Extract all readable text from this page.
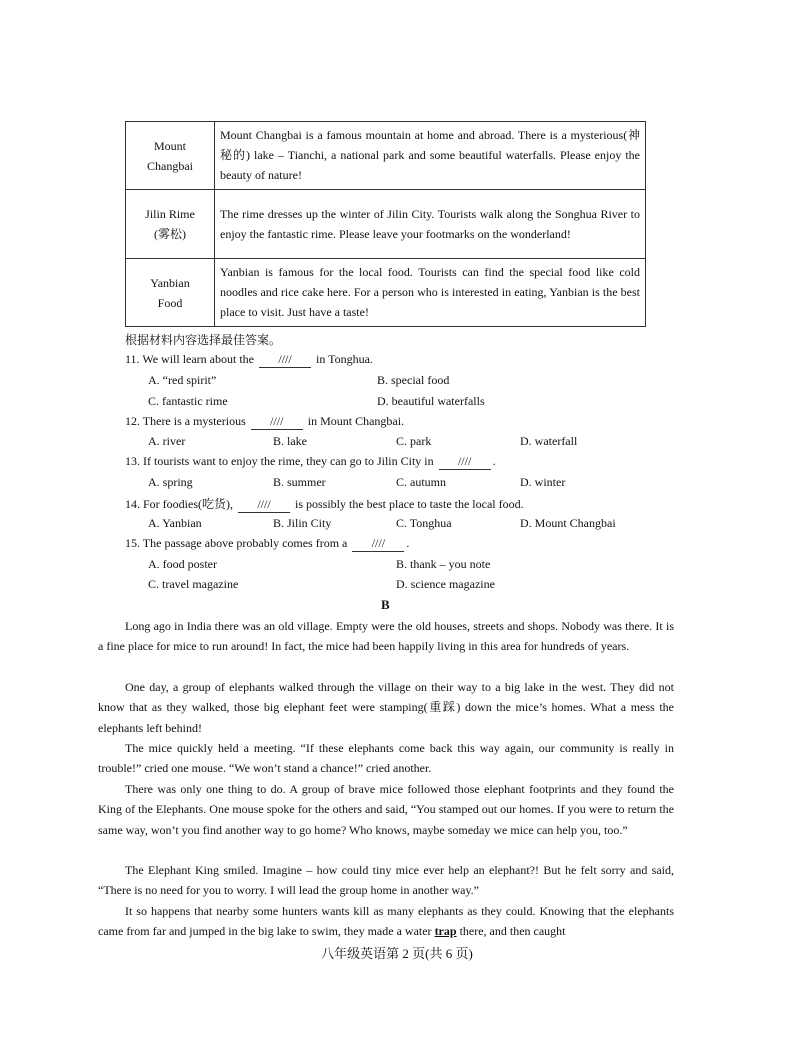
Mount
Changbai	Mount Changbai is a famous mountain at home and abroad. There is a mysterious(神秘的) lake – Tianchi, a national park and some beautiful waterfalls. Please enjoy the beauty of nature!

Jilin Rime
(雾松)	The rime dresses up the winter of Jilin City. Tourists walk along the Songhua River to enjoy the fantastic rime. Please leave your footmarks on the wonderland!

Yanbian
Food	Yanbian is famous for the local food. Tourists can find the special food like cold noodles and rice cake here. For a person who is interested in eating, Yanbian is the best place to visit. Just have a taste!
根据材料内容选择最佳答案。
11. We will learn about the //// in Tonghua.
A. “red spirit”	B. special food
C. fantastic rime	D. beautiful waterfalls
12. There is a mysterious //// in Mount Changbai.
A. river	B. lake	C. park	D. waterfall
13. If tourists want to enjoy the rime, they can go to Jilin City in //// .
A. spring	B. summer	C. autumn	D. winter
14. For foodies(吃货), //// is possibly the best place to taste the local food.
A. Yanbian	B. Jilin City	C. Tonghua	D. Mount Changbai
15. The passage above probably comes from a //// .
A. food poster	B. thank – you note
C. travel magazine	D. science magazine
B

Long ago in India there was an old village. Empty were the old houses, streets and shops. Nobody was there. It is a fine place for mice to run around! In fact, the mice had been happily living in this area for hundreds of years.

One day, a group of elephants walked through the village on their way to a big lake in the west. They did not know that as they walked, those big elephant feet were stamping(重踩) down the mice’s homes. What a mess the elephants left behind!

The mice quickly held a meeting. “If these elephants come back this way again, our community is really in trouble!” cried one mouse. “We won’t stand a chance!” cried another.

There was only one thing to do. A group of brave mice followed those elephant footprints and they found the King of the Elephants. One mouse spoke for the others and said, “You stamped out our homes. If you were to return the same way, won’t you find another way to go home? Who knows, maybe someday we mice can help you, too.”

The Elephant King smiled. Imagine – how could tiny mice ever help an elephant?! But he felt sorry and said, “There is no need for you to worry. I will lead the group home in another way.”

It so happens that nearby some hunters wants kill as many elephants as they could. Knowing that the elephants came from far and jumped in the big lake to swim, they made a water trap there, and then caught

八年级英语第 2 页(共 6 页)
